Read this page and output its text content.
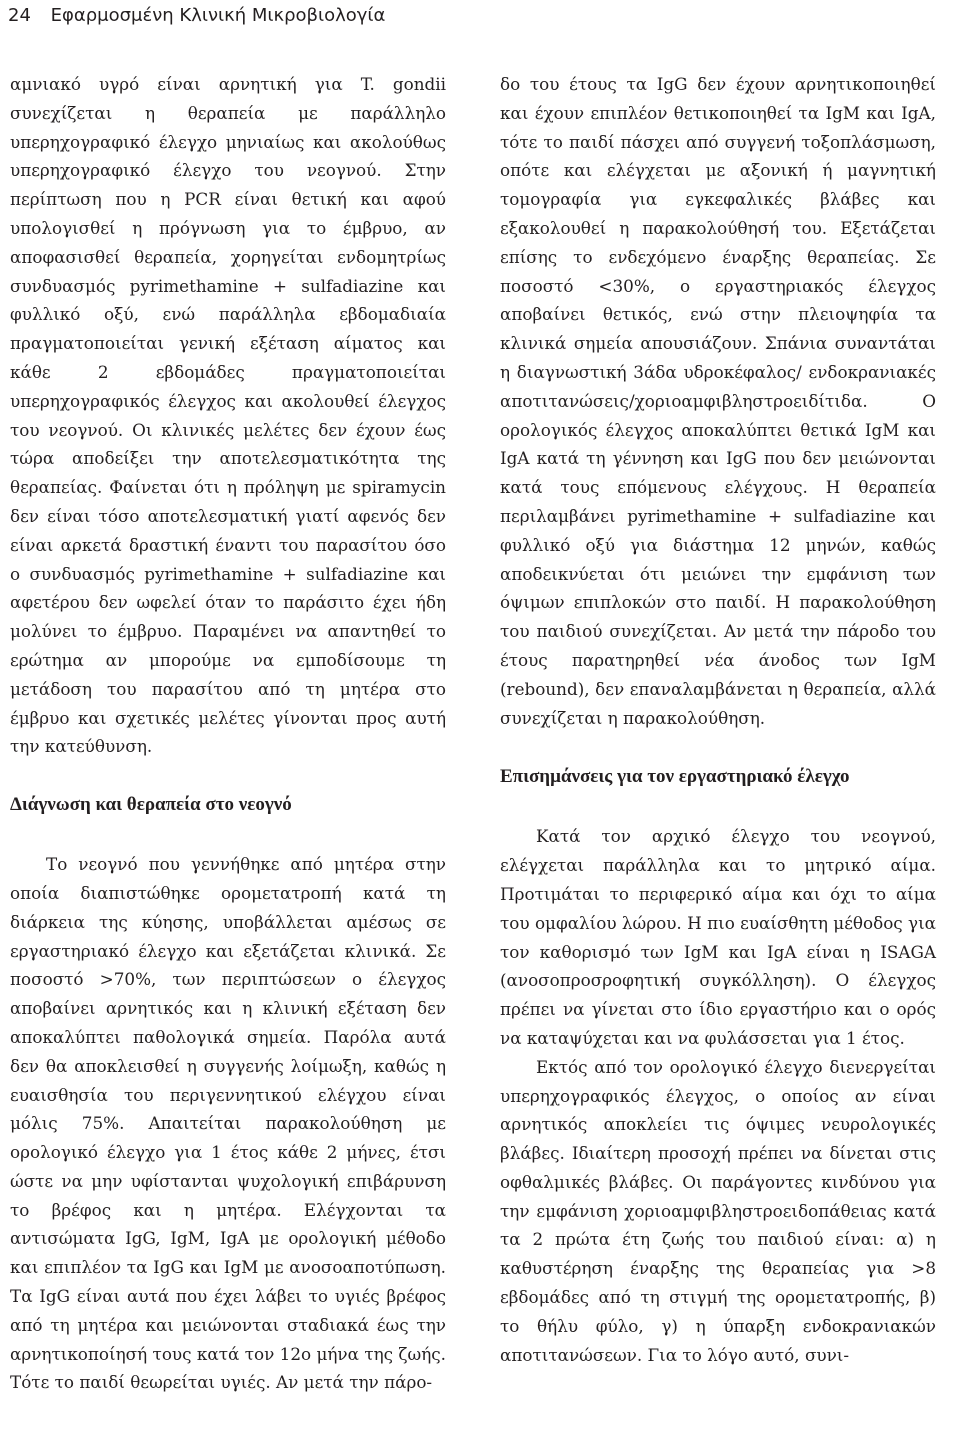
24 Εφαρμοσμένη Κλινική Μικροβιολογία

αμνιακό υγρό είναι αρνητική για T. gondii συνεχίζεται η θεραπεία με παράλληλο υπερηχογραφικό έλεγχο μηνιαίως και ακολούθως υπερηχογραφικό έλεγχο του νεογνού. Στην περίπτωση που η PCR είναι θετική και αφού υπολογισθεί η πρόγνωση για το έμβρυο, αν αποφασισθεί θεραπεία, χορηγείται ενδομητρίως συνδυασμός pyrimethamine + sulfadiazine και φυλλικό οξύ, ενώ παράλληλα εβδομαδιαία πραγματοποιείται γενική εξέταση αίματος και κάθε 2 εβδομάδες πραγματοποιείται υπερηχογραφικός έλεγχος και ακολουθεί έλεγχος του νεογνού. Οι κλινικές μελέτες δεν έχουν έως τώρα αποδείξει την αποτελεσματικότητα της θεραπείας. Φαίνεται ότι η πρόληψη με spiramycin δεν είναι τόσο αποτελεσματική γιατί αφενός δεν είναι αρκετά δραστική έναντι του παρασίτου όσο ο συνδυασμός pyrimethamine + sulfadiazine και αφετέρου δεν ωφελεί όταν το παράσιτο έχει ήδη μολύνει το έμβρυο. Παραμένει να απαντηθεί το ερώτημα αν μπορούμε να εμποδίσουμε τη μετάδοση του παρασίτου από τη μητέρα στο έμβρυο και σχετικές μελέτες γίνονται προς αυτή την κατεύθυνση.

Διάγνωση και θεραπεία στο νεογνό

Το νεογνό που γεννήθηκε από μητέρα στην οποία διαπιστώθηκε ορομετατροπή κατά τη διάρκεια της κύησης, υποβάλλεται αμέσως σε εργαστηριακό έλεγχο και εξετάζεται κλινικά. Σε ποσοστό >70%, των περιπτώσεων ο έλεγχος αποβαίνει αρνητικός και η κλινική εξέταση δεν αποκαλύπτει παθολογικά σημεία. Παρόλα αυτά δεν θα αποκλεισθεί η συγγενής λοίμωξη, καθώς η ευαισθησία του περιγεννητικού ελέγχου είναι μόλις 75%. Απαιτείται παρακολούθηση με ορολογικό έλεγχο για 1 έτος κάθε 2 μήνες, έτσι ώστε να μην υφίστανται ψυχολογική επιβάρυνση το βρέφος και η μητέρα. Ελέγχονται τα αντισώματα IgG, IgM, IgA με ορολογική μέθοδο και επιπλέον τα IgG και IgM με ανοσοαποτύπωση. Τα IgG είναι αυτά που έχει λάβει το υγιές βρέφος από τη μητέρα και μειώνονται σταδιακά έως την αρνητικοποίησή τους κατά τον 12ο μήνα της ζωής. Τότε το παιδί θεωρείται υγιές. Αν μετά την πάρο-

δο του έτους τα IgG δεν έχουν αρνητικοποιηθεί και έχουν επιπλέον θετικοποιηθεί τα IgM και IgA, τότε το παιδί πάσχει από συγγενή τοξοπλάσμωση, οπότε και ελέγχεται με αξονική ή μαγνητική τομογραφία για εγκεφαλικές βλάβες και εξακολουθεί η παρακολούθησή του. Εξετάζεται επίσης το ενδεχόμενο έναρξης θεραπείας. Σε ποσοστό <30%, ο εργαστηριακός έλεγχος αποβαίνει θετικός, ενώ στην πλειοψηφία τα κλινικά σημεία απουσιάζουν. Σπάνια συναντάται η διαγνωστική 3άδα υδροκέφαλος/ ενδοκρανιακές αποτιτανώσεις/χοριοαμφιβληστροειδίτιδα. Ο ορολογικός έλεγχος αποκαλύπτει θετικά IgM και IgA κατά τη γέννηση και IgG που δεν μειώνονται κατά τους επόμενους ελέγχους. Η θεραπεία περιλαμβάνει pyrimethamine + sulfadiazine και φυλλικό οξύ για διάστημα 12 μηνών, καθώς αποδεικνύεται ότι μειώνει την εμφάνιση των όψιμων επιπλοκών στο παιδί. Η παρακολούθηση του παιδιού συνεχίζεται. Αν μετά την πάροδο του έτους παρατηρηθεί νέα άνοδος των IgM (rebound), δεν επαναλαμβάνεται η θεραπεία, αλλά συνεχίζεται η παρακολούθηση.

Επισημάνσεις για τον εργαστηριακό έλεγχο

Κατά τον αρχικό έλεγχο του νεογνού, ελέγχεται παράλληλα και το μητρικό αίμα. Προτιμάται το περιφερικό αίμα και όχι το αίμα του ομφαλίου λώρου. Η πιο ευαίσθητη μέθοδος για τον καθορισμό των IgM και IgA είναι η ISAGA (ανοσοπροσροφητική συγκόλληση). Ο έλεγχος πρέπει να γίνεται στο ίδιο εργαστήριο και ο ορός να καταψύχεται και να φυλάσσεται για 1 έτος.

Εκτός από τον ορολογικό έλεγχο διενεργείται υπερηχογραφικός έλεγχος, ο οποίος αν είναι αρνητικός αποκλείει τις όψιμες νευρολογικές βλάβες. Ιδιαίτερη προσοχή πρέπει να δίνεται στις οφθαλμικές βλάβες. Οι παράγοντες κινδύνου για την εμφάνιση χοριοαμφιβληστροειδοπάθειας κατά τα 2 πρώτα έτη ζωής του παιδιού είναι: α) η καθυστέρηση έναρξης της θεραπείας για >8 εβδομάδες από τη στιγμή της ορομετατροπής, β) το θήλυ φύλο, γ) η ύπαρξη ενδοκρανιακών αποτιτανώσεων. Για το λόγο αυτό, συνι-
